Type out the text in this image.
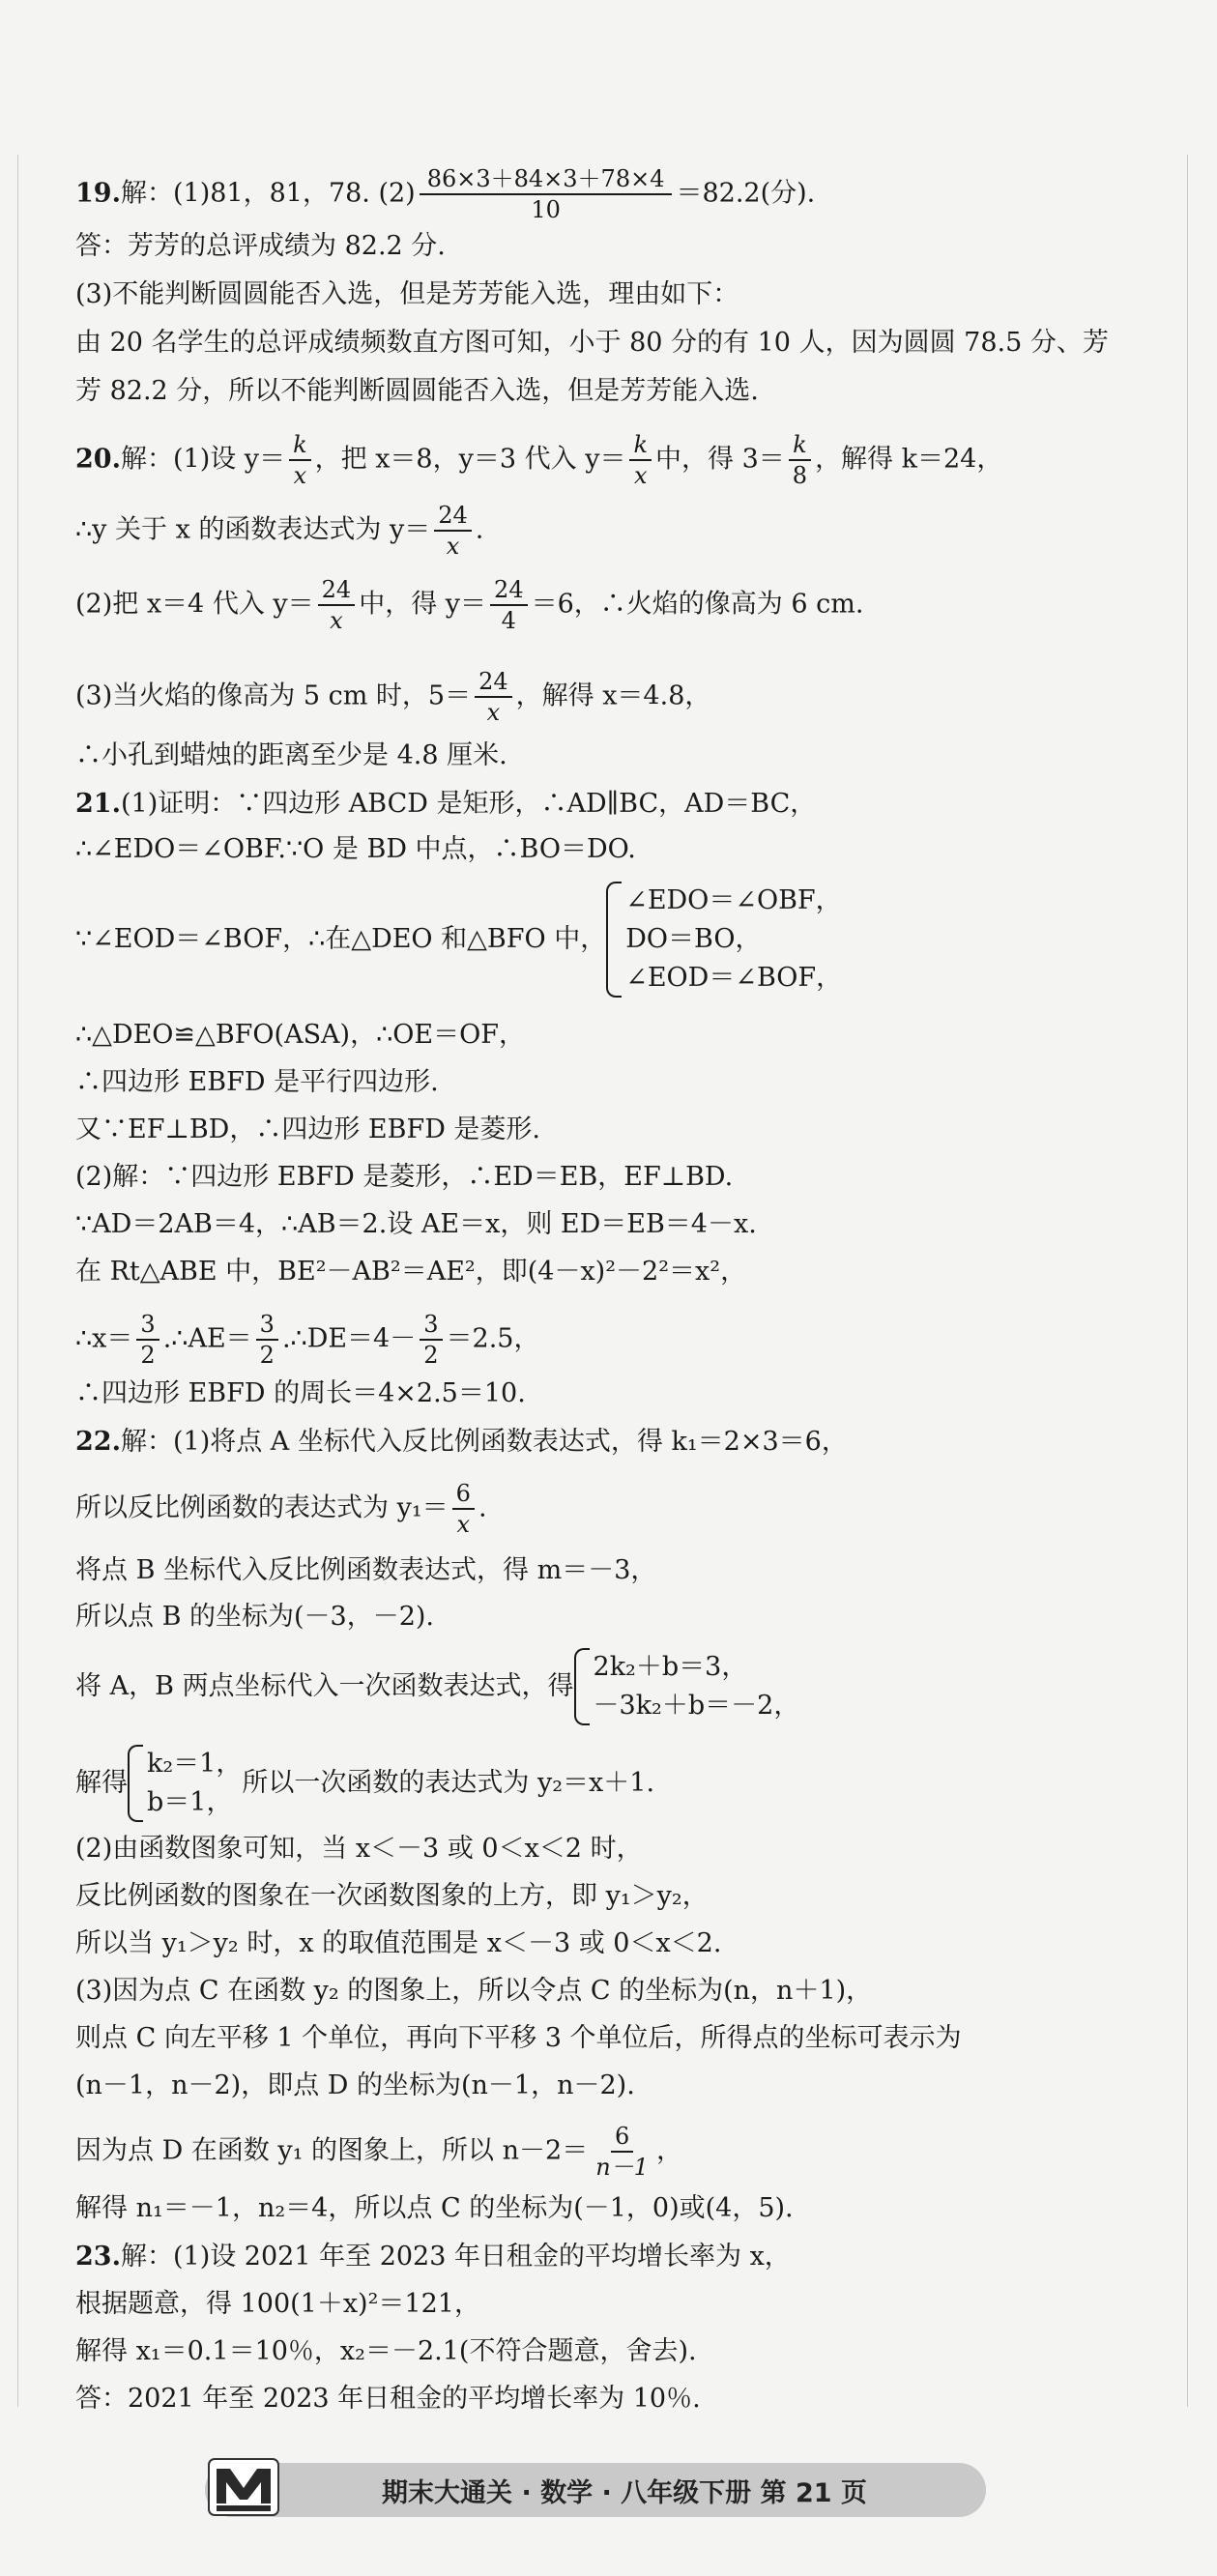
19.解：(1)81，81，78. $(2) \frac{86\times 3+84\times 3+78\times 4}{10} =82.2$(分).
答：芳芳的总评成绩为 82.2 分.
(3)不能判断圆圆能否入选，但是芳芳能入选，理由如下：
由 20 名学生的总评成绩频数直方图可知，小于 80 分的有 10 人，因为圆圆 78.5 分、芳
芳 82.2 分，所以不能判断圆圆能否入选，但是芳芳能入选.
20.解：(1)设 $y= \frac{k}{x}$ ，把 x＝8，y＝3 代入 $y= \frac{k}{x}$ 中，得 $3= \frac{k}{8}$ ，解得 k＝24，
∴y 关于 x 的函数表达式为 $y= \frac{24}{x}$ .
(2)把 x＝4 代入 $y= \frac{24}{x}$ 中，得 $y= \frac{24}{4} =6$，∴火焰的像高为 6 cm.
(3)当火焰的像高为 5 cm 时，$5= \frac{24}{x}$ ，解得 x＝4.8，
∴小孔到蜡烛的距离至少是 4.8 厘米.
21.(1)证明：∵四边形 ABCD 是矩形，∴AD∥BC，AD＝BC，
∴∠EDO＝∠OBF.∵O 是 BD 中点，∴BO＝DO.
∵∠EOD＝∠BOF，∴在△DEO 和△BFO 中，
∠EDO＝∠OBF，
DO＝BO，
∠EOD＝∠BOF，
∴△DEO≌△BFO(ASA)，∴OE＝OF，
∴四边形 EBFD 是平行四边形.
又∵EF⊥BD，∴四边形 EBFD 是菱形.
(2)解：∵四边形 EBFD 是菱形，∴ED＝EB，EF⊥BD.
∵AD＝2AB＝4，∴AB＝2.设 AE＝x，则 ED＝EB＝4－x.
在 Rt△ABE 中，BE²－AB²＝AE²，即(4－x)²－2²＝x²，
∴x＝ $\frac{3}{2}$ .∴AE＝ $\frac{3}{2}$ .∴DE＝4－ $\frac{3}{2} =2.5$，
∴四边形 EBFD 的周长＝4×2.5＝10.
22.解：(1)将点 A 坐标代入反比例函数表达式，得 k₁＝2×3＝6，
所以反比例函数的表达式为 $y_1= \frac{6}{x}$ .
将点 B 坐标代入反比例函数表达式，得 m＝－3，
所以点 B 的坐标为(－3，－2).
将 A，B 两点坐标代入一次函数表达式，得
2k₂＋b＝3，
－3k₂＋b＝－2，
解得
k₂＝1，
b＝1，
所以一次函数的表达式为 y₂＝x＋1.
(2)由函数图象可知，当 x＜－3 或 0＜x＜2 时，
反比例函数的图象在一次函数图象的上方，即 y₁＞y₂，
所以当 y₁＞y₂ 时，x 的取值范围是 x＜－3 或 0＜x＜2.
(3)因为点 C 在函数 y₂ 的图象上，所以令点 C 的坐标为(n，n＋1)，
则点 C 向左平移 1 个单位，再向下平移 3 个单位后，所得点的坐标可表示为
(n－1，n－2)，即点 D 的坐标为(n－1，n－2).
因为点 D 在函数 y₁ 的图象上，所以 $n-2= \frac{6}{n-1}$ ，
解得 n₁＝－1，n₂＝4，所以点 C 的坐标为(－1，0)或(4，5).
23.解：(1)设 2021 年至 2023 年日租金的平均增长率为 x，
根据题意，得 100(1＋x)²＝121，
解得 x₁＝0.1＝10％，x₂＝－2.1(不符合题意，舍去).
答：2021 年至 2023 年日租金的平均增长率为 10％.
期末大通关 · 数学 · 八年级下册 第 21 页
